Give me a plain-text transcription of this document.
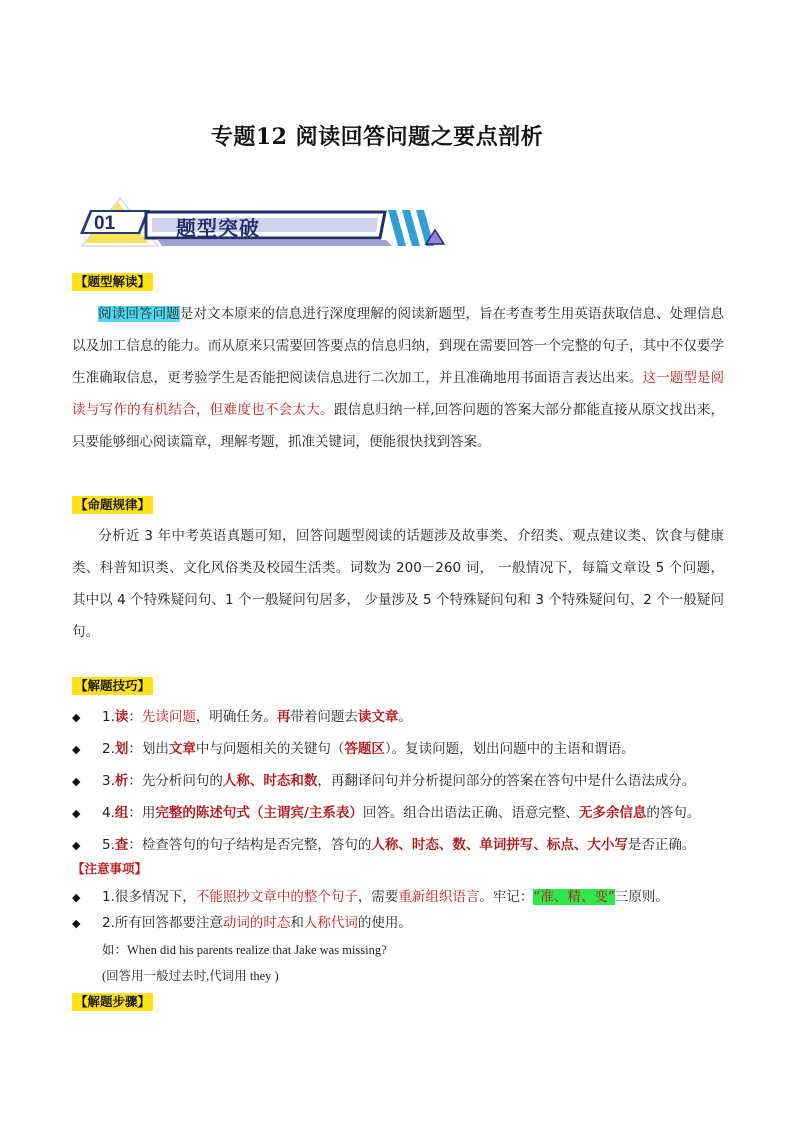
专题12 阅读回答问题之要点剖析
01	题型突破
【题型解读】
阅读回答问题是对文本原来的信息进行深度理解的阅读新题型，旨在考查考生用英语获取信息、处理信息以及加工信息的能力。而从原来只需要回答要点的信息归纳，到现在需要回答一个完整的句子，其中不仅要学生准确取信息，更考验学生是否能把阅读信息进行二次加工，并且准确地用书面语言表达出来。这一题型是阅读与写作的有机结合，但难度也不会太大。跟信息归纳一样,回答问题的答案大部分都能直接从原文找出来，只要能够细心阅读篇章，理解考题，抓准关键词，便能很快找到答案。
【命题规律】
分析近 3 年中考英语真题可知，回答问题型阅读的话题涉及故事类、介绍类、观点建议类、饮食与健康类、科普知识类、文化风俗类及校园生活类。词数为 200－260 词， 一般情况下，每篇文章设 5 个问题， 其中以 4 个特殊疑问句、1 个一般疑问句居多， 少量涉及 5 个特殊疑问句和 3 个特殊疑问句、2 个一般疑问句。
【解题技巧】
◆ 1.读：先读问题，明确任务。再带着问题去读文章。
◆ 2.划：划出文章中与问题相关的关键句（答题区）。复读问题，划出问题中的主语和谓语。
◆ 3.析：先分析问句的人称、时态和数，再翻译问句并分析提问部分的答案在答句中是什么语法成分。
◆ 4.组：用完整的陈述句式（主谓宾/主系表）回答。组合出语法正确、语意完整、无多余信息的答句。
◆ 5.查：检查答句的句子结构是否完整，答句的人称、时态、数、单词拼写、标点、大小写是否正确。
【注意事项】
◆ 1.很多情况下，不能照抄文章中的整个句子，需要重新组织语言。牢记：“准、精、变”三原则。
◆ 2.所有回答都要注意动词的时态和人称代词的使用。
如：When did his parents realize that Jake was missing?
(回答用一般过去时,代词用 they )
【解题步骤】
